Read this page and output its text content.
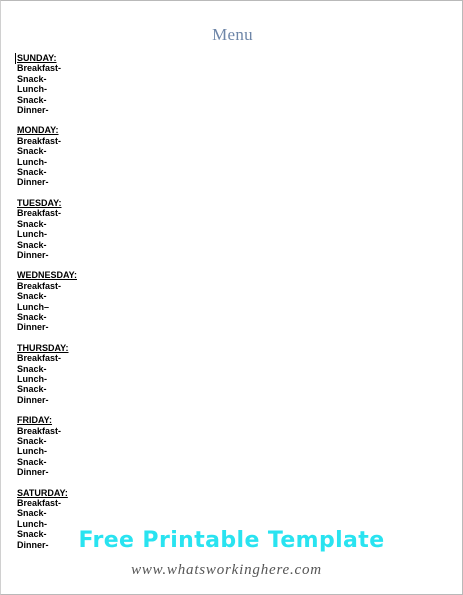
Menu
SUNDAY:
Breakfast-
Snack-
Lunch-
Snack-
Dinner-
MONDAY:
Breakfast-
Snack-
Lunch-
Snack-
Dinner-
TUESDAY:
Breakfast-
Snack-
Lunch-
Snack-
Dinner-
WEDNESDAY:
Breakfast-
Snack-
Lunch–
Snack-
Dinner-
THURSDAY:
Breakfast-
Snack-
Lunch-
Snack-
Dinner-
FRIDAY:
Breakfast-
Snack-
Lunch-
Snack-
Dinner-
SATURDAY:
Breakfast-
Snack-
Lunch-
Snack-
Dinner-	Free Printable Template
www.whatsworkinghere.com
